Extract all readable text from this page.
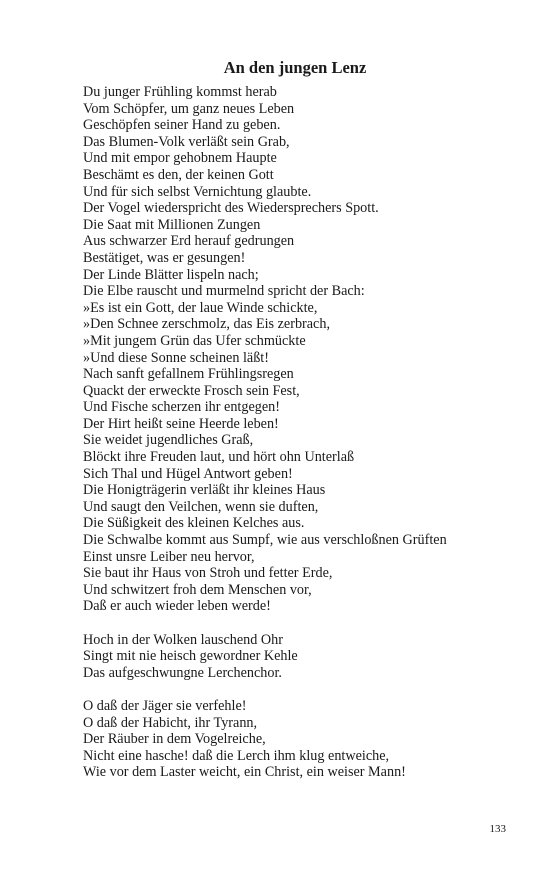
An den jungen Lenz
Du junger Frühling kommst herab
Vom Schöpfer, um ganz neues Leben
Geschöpfen seiner Hand zu geben.
Das Blumen-Volk verläßt sein Grab,
Und mit empor gehobnem Haupte
Beschämt es den, der keinen Gott
Und für sich selbst Vernichtung glaubte.
Der Vogel wiederspricht des Wiedersprechers Spott.
Die Saat mit Millionen Zungen
Aus schwarzer Erd herauf gedrungen
Bestätiget, was er gesungen!
Der Linde Blätter lispeln nach;
Die Elbe rauscht und murmelnd spricht der Bach:
»Es ist ein Gott, der laue Winde schickte,
»Den Schnee zerschmolz, das Eis zerbrach,
»Mit jungem Grün das Ufer schmückte
»Und diese Sonne scheinen läßt!
Nach sanft gefallnem Frühlingsregen
Quackt der erweckte Frosch sein Fest,
Und Fische scherzen ihr entgegen!
Der Hirt heißt seine Heerde leben!
Sie weidet jugendliches Graß,
Blöckt ihre Freuden laut, und hört ohn Unterlaß
Sich Thal und Hügel Antwort geben!
Die Honigträgerin verläßt ihr kleines Haus
Und saugt den Veilchen, wenn sie duften,
Die Süßigkeit des kleinen Kelches aus.
Die Schwalbe kommt aus Sumpf, wie aus verschloßnen Grüften
Einst unsre Leiber neu hervor,
Sie baut ihr Haus von Stroh und fetter Erde,
Und schwitzert froh dem Menschen vor,
Daß er auch wieder leben werde!
Hoch in der Wolken lauschend Ohr
Singt mit nie heisch gewordner Kehle
Das aufgeschwungne Lerchenchor.
O daß der Jäger sie verfehle!
O daß der Habicht, ihr Tyrann,
Der Räuber in dem Vogelreiche,
Nicht eine hasche! daß die Lerch ihm klug entweiche,
Wie vor dem Laster weicht, ein Christ, ein weiser Mann!
133
